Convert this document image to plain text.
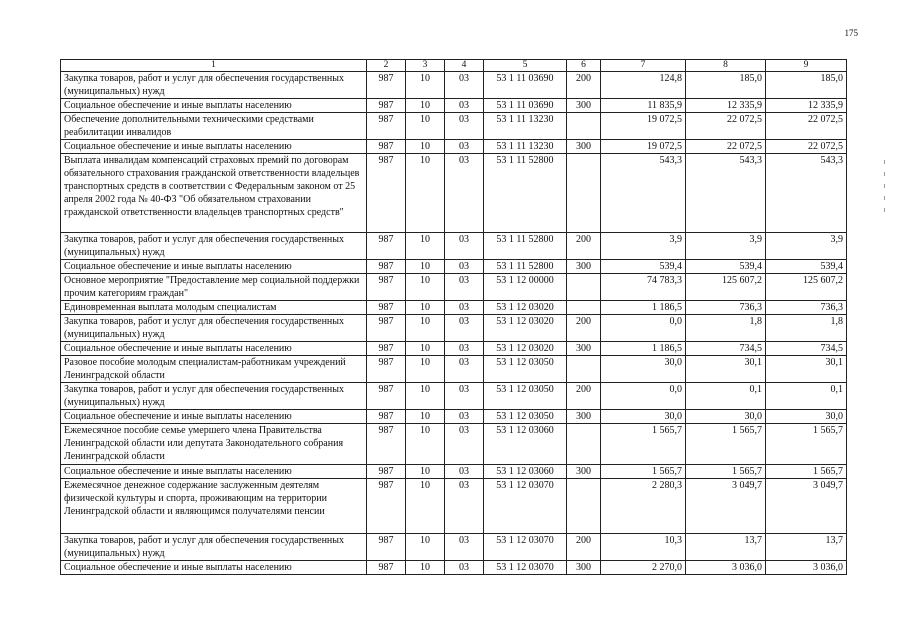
175
1	2	3	4	5	6	7	8	9
Закупка товаров, работ и услуг для обеспечения государственных (муниципальных) нужд	987	10	03	53 1 11 03690	200	124,8	185,0	185,0
Социальное обеспечение и иные выплаты населению	987	10	03	53 1 11 03690	300	11 835,9	12 335,9	12 335,9
Обеспечение дополнительными техническими средствами реабилитации инвалидов	987	10	03	53 1 11 13230		19 072,5	22 072,5	22 072,5
Социальное обеспечение и иные выплаты населению	987	10	03	53 1 11 13230	300	19 072,5	22 072,5	22 072,5
Выплата инвалидам компенсаций страховых премий по договорам обязательного страхования гражданской ответственности владельцев транспортных средств в соответствии с Федеральным законом от 25 апреля 2002 года № 40-ФЗ "Об обязательном страховании гражданской ответственности владельцев транспортных средств"	987	10	03	53 1 11 52800		543,3	543,3	543,3
Закупка товаров, работ и услуг для обеспечения государственных (муниципальных) нужд	987	10	03	53 1 11 52800	200	3,9	3,9	3,9
Социальное обеспечение и иные выплаты населению	987	10	03	53 1 11 52800	300	539,4	539,4	539,4
Основное мероприятие "Предоставление мер социальной поддержки прочим категориям граждан"	987	10	03	53 1 12 00000		74 783,3	125 607,2	125 607,2
Единовременная выплата молодым специалистам	987	10	03	53 1 12 03020		1 186,5	736,3	736,3
Закупка товаров, работ и услуг для обеспечения государственных (муниципальных) нужд	987	10	03	53 1 12 03020	200	0,0	1,8	1,8
Социальное обеспечение и иные выплаты населению	987	10	03	53 1 12 03020	300	1 186,5	734,5	734,5
Разовое пособие молодым специалистам-работникам учреждений Ленинградской области	987	10	03	53 1 12 03050		30,0	30,1	30,1
Закупка товаров, работ и услуг для обеспечения государственных (муниципальных) нужд	987	10	03	53 1 12 03050	200	0,0	0,1	0,1
Социальное обеспечение и иные выплаты населению	987	10	03	53 1 12 03050	300	30,0	30,0	30,0
Ежемесячное пособие семье умершего члена Правительства Ленинградской области или депутата Законодательного собрания Ленинградской области	987	10	03	53 1 12 03060		1 565,7	1 565,7	1 565,7
Социальное обеспечение и иные выплаты населению	987	10	03	53 1 12 03060	300	1 565,7	1 565,7	1 565,7
Ежемесячное денежное содержание заслуженным деятелям физической культуры и спорта, проживающим на территории Ленинградской области и являющимся получателями пенсии	987	10	03	53 1 12 03070		2 280,3	3 049,7	3 049,7
Закупка товаров, работ и услуг для обеспечения государственных (муниципальных) нужд	987	10	03	53 1 12 03070	200	10,3	13,7	13,7
Социальное обеспечение и иные выплаты населению	987	10	03	53 1 12 03070	300	2 270,0	3 036,0	3 036,0
